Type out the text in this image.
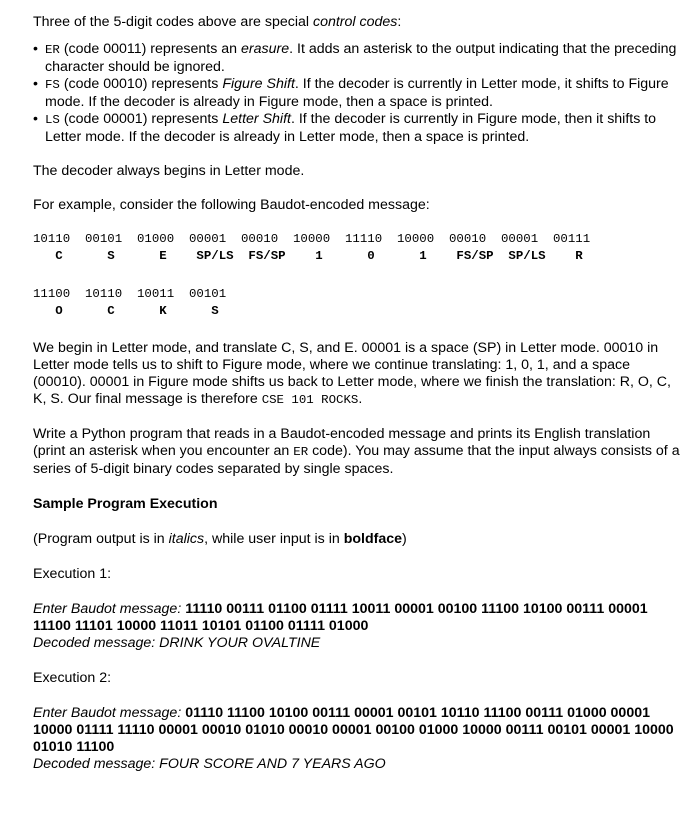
Three of the 5-digit codes above are special control codes:

• ER (code 00011) represents an erasure. It adds an asterisk to the output indicating that the preceding character should be ignored.
• FS (code 00010) represents Figure Shift. If the decoder is currently in Letter mode, it shifts to Figure mode. If the decoder is already in Figure mode, then a space is printed.
• LS (code 00001) represents Letter Shift. If the decoder is currently in Figure mode, then it shifts to Letter mode. If the decoder is already in Letter mode, then a space is printed.

The decoder always begins in Letter mode.

For example, consider the following Baudot-encoded message:

10110	00101	01000	00001	00010	10000	11110	10000	00010	00001	00111
C	S	E	SP/LS	FS/SP	1	0	1	FS/SP	SP/LS	R
11100	10110	10011	00101
O	C	K	S

We begin in Letter mode, and translate C, S, and E. 00001 is a space (SP) in Letter mode. 00010 in Letter mode tells us to shift to Figure mode, where we continue translating: 1, 0, 1, and a space (00010). 00001 in Figure mode shifts us back to Letter mode, where we finish the translation: R, O, C, K, S. Our final message is therefore CSE 101 ROCKS.

Write a Python program that reads in a Baudot-encoded message and prints its English translation (print an asterisk when you encounter an ER code). You may assume that the input always consists of a series of 5-digit binary codes separated by single spaces.

Sample Program Execution

(Program output is in italics, while user input is in boldface)

Execution 1:

Enter Baudot message: 11110 00111 01100 01111 10011 00001 00100 11100 10100 00111 00001 11100 11101 10000 11011 10101 01100 01111 01000

Decoded message: DRINK YOUR OVALTINE

Execution 2:

Enter Baudot message: 01110 11100 10100 00111 00001 00101 10110 11100 00111 01000 00001 10000 01111 11110 00001 00010 01010 00010 00001 00100 01000 10000 00111 00101 00001 10000 01010 11100

Decoded message: FOUR SCORE AND 7 YEARS AGO
